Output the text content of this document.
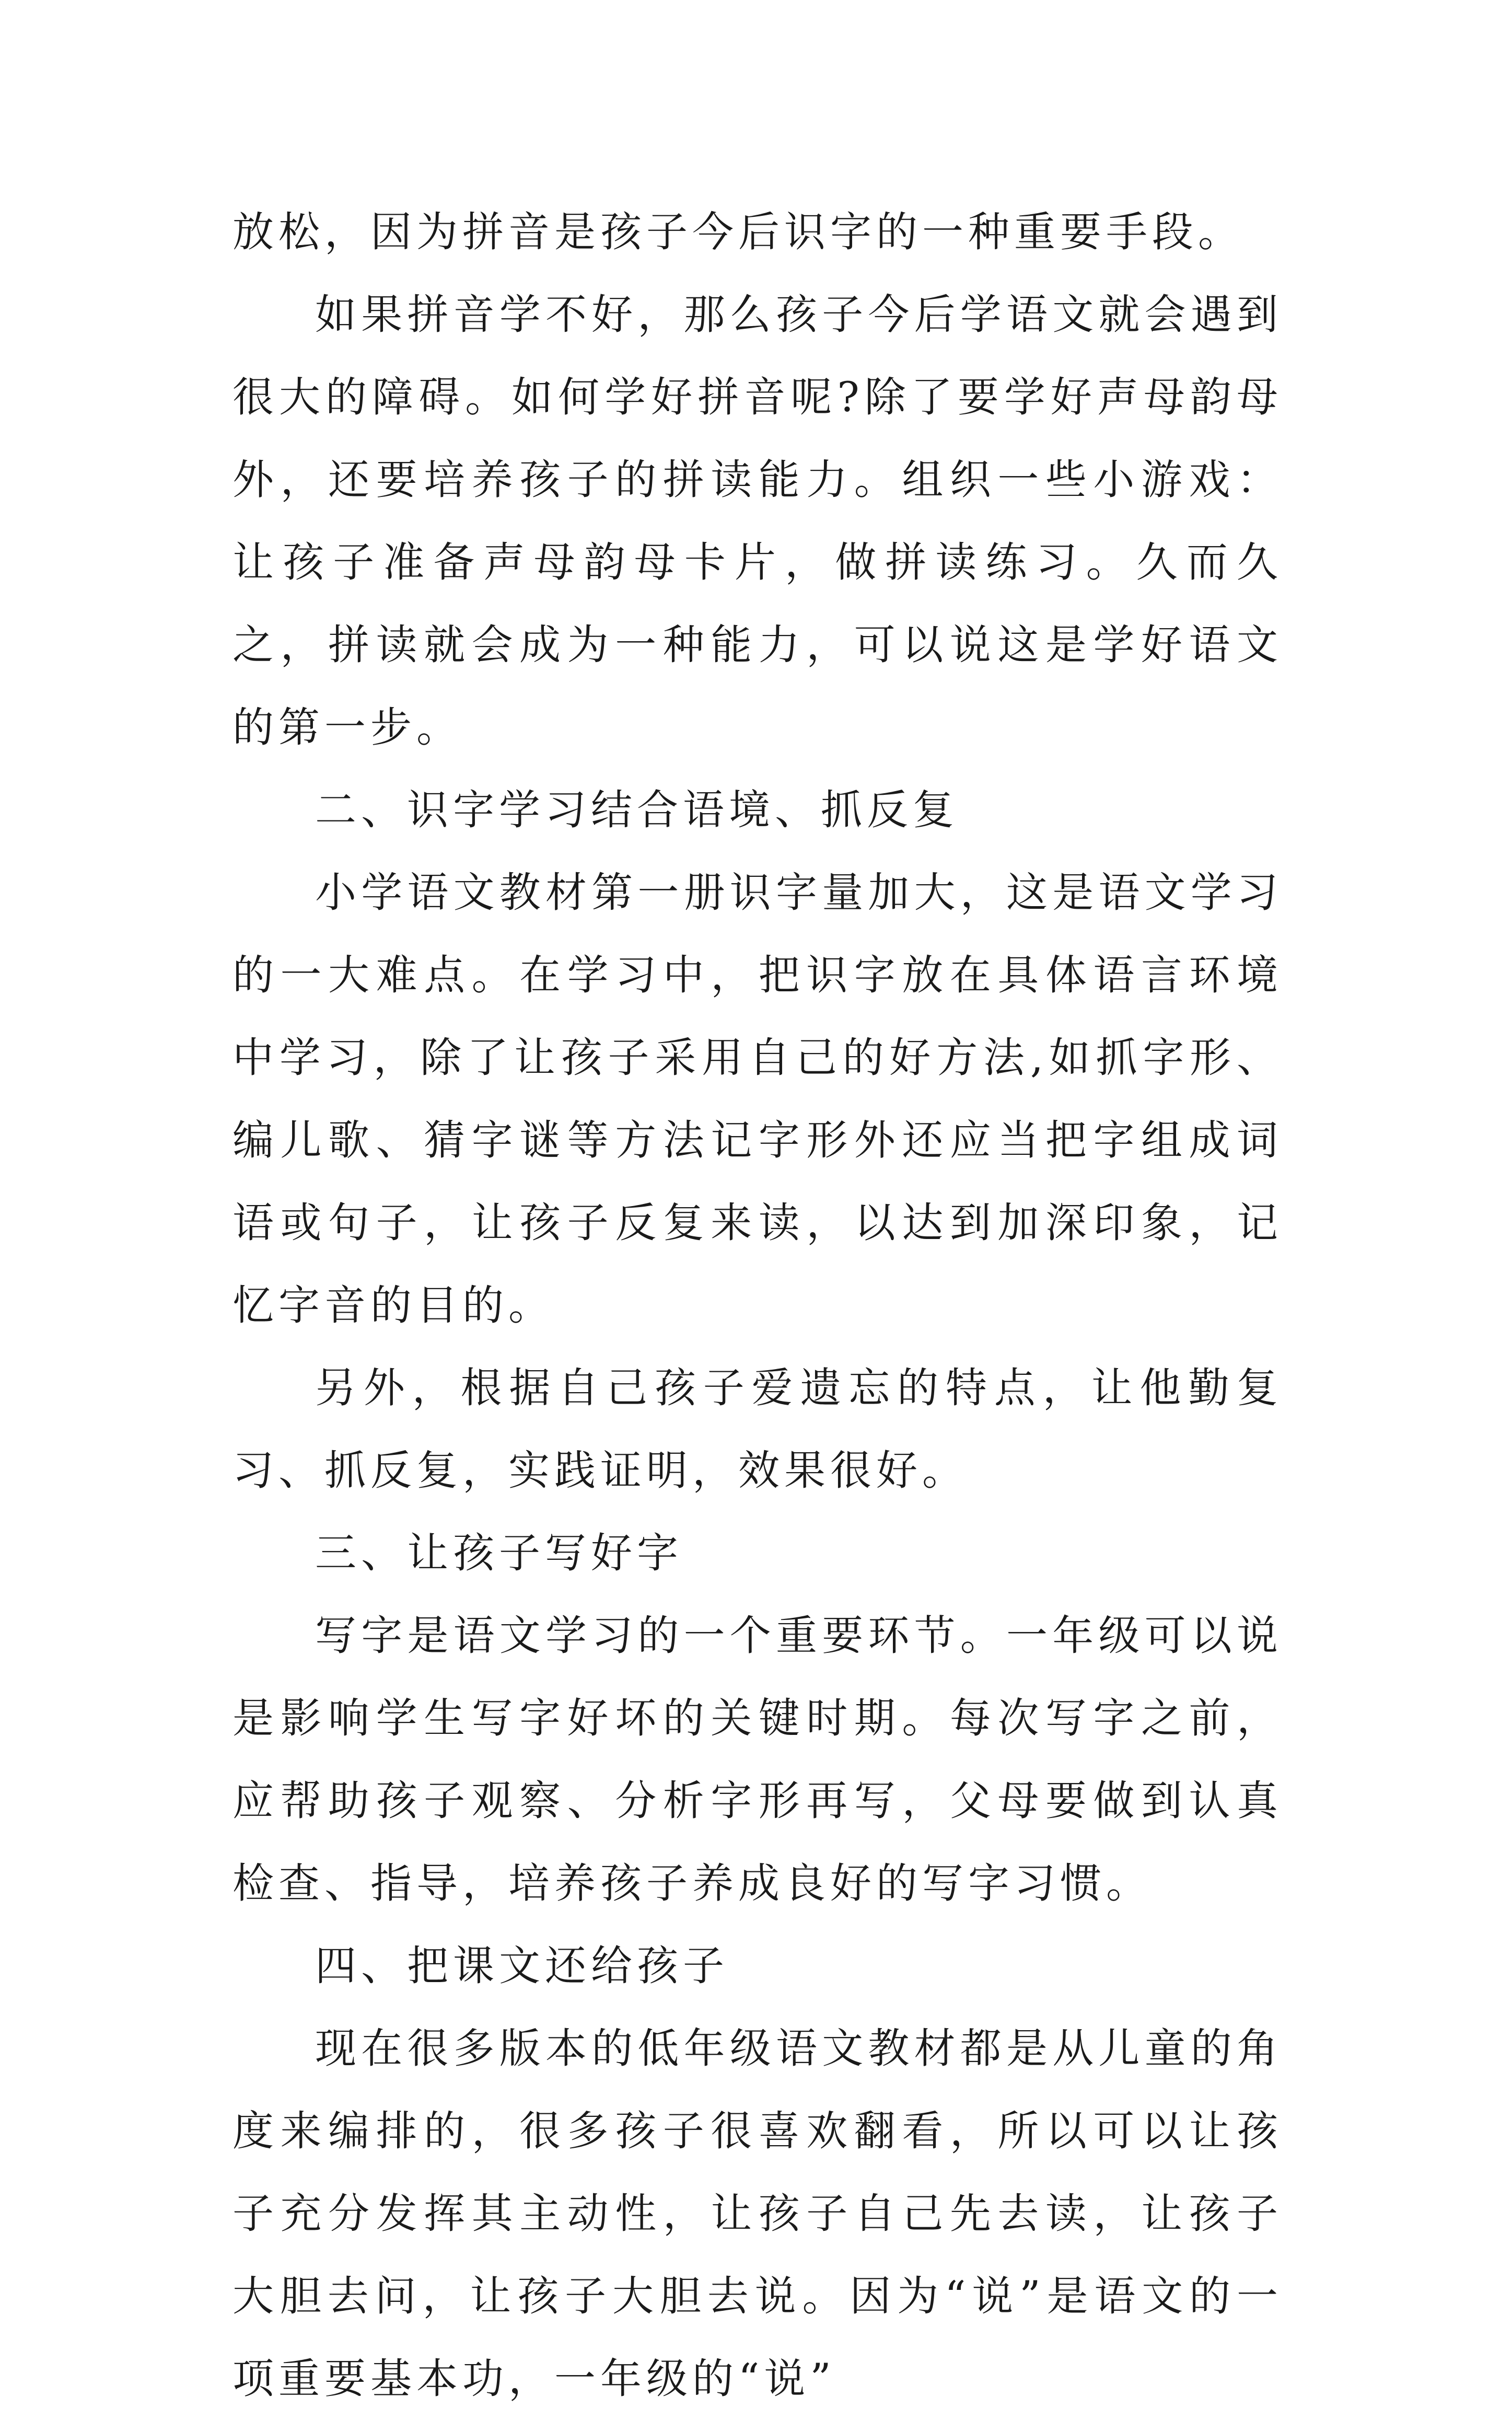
放松，因为拼音是孩子今后识字的一种重要手段。

如果拼音学不好，那么孩子今后学语文就会遇到很大的障碍。如何学好拼音呢?除了要学好声母韵母外，还要培养孩子的拼读能力。组织一些小游戏：让孩子准备声母韵母卡片，做拼读练习。久而久之，拼读就会成为一种能力，可以说这是学好语文的第一步。

二、识字学习结合语境、抓反复

小学语文教材第一册识字量加大，这是语文学习的一大难点。在学习中，把识字放在具体语言环境中学习，除了让孩子采用自己的好方法,如抓字形、编儿歌、猜字谜等方法记字形外还应当把字组成词语或句子，让孩子反复来读，以达到加深印象，记忆字音的目的。

另外，根据自己孩子爱遗忘的特点，让他勤复习、抓反复，实践证明，效果很好。

三、让孩子写好字

写字是语文学习的一个重要环节。一年级可以说是影响学生写字好坏的关键时期。每次写字之前，应帮助孩子观察、分析字形再写，父母要做到认真检查、指导，培养孩子养成良好的写字习惯。

四、把课文还给孩子

现在很多版本的低年级语文教材都是从儿童的角度来编排的，很多孩子很喜欢翻看，所以可以让孩子充分发挥其主动性，让孩子自己先去读，让孩子大胆去问，让孩子大胆去说。因为“说”是语文的一项重要基本功，一年级的“说”
